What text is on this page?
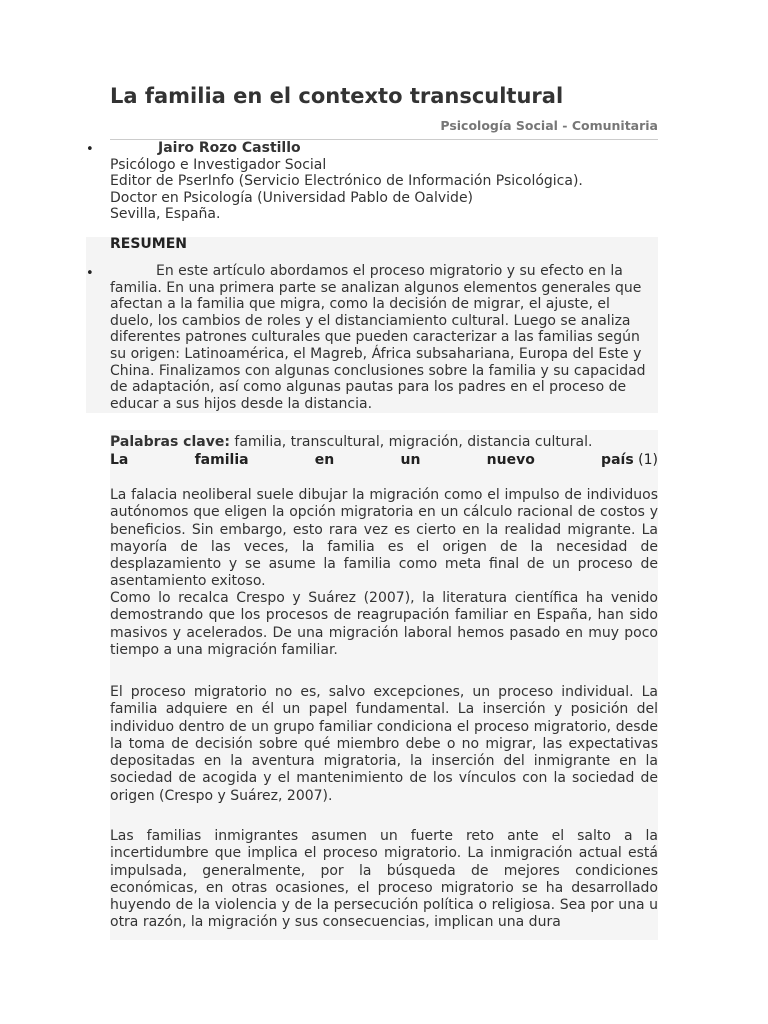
La familia en el contexto transcultural
Psicología Social - Comunitaria
•	Jairo Rozo Castillo
Psicólogo e Investigador Social
Editor de PserInfo (Servicio Electrónico de Información Psicológica).
Doctor en Psicología (Universidad Pablo de Oalvide)
Sevilla, España.
RESUMEN
•	En este artículo abordamos el proceso migratorio y su efecto en la familia. En una primera parte se analizan algunos elementos generales que afectan a la familia que migra, como la decisión de migrar, el ajuste, el duelo, los cambios de roles y el distanciamiento cultural. Luego se analiza diferentes patrones culturales que pueden caracterizar a las familias según su origen: Latinoamérica, el Magreb, África subsahariana, Europa del Este y China. Finalizamos con algunas conclusiones sobre la familia y su capacidad de adaptación, así como algunas pautas para los padres en el proceso de educar a sus hijos desde la distancia.
Palabras clave: familia, transcultural, migración, distancia cultural.
La	familia	en	un	nuevo	país (1)
La falacia neoliberal suele dibujar la migración como el impulso de individuos autónomos que eligen la opción migratoria en un cálculo racional de costos y beneficios. Sin embargo, esto rara vez es cierto en la realidad migrante. La mayoría de las veces, la familia es el origen de la necesidad de desplazamiento y se asume la familia como meta final de un proceso de asentamiento exitoso.
Como lo recalca Crespo y Suárez (2007), la literatura científica ha venido demostrando que los procesos de reagrupación familiar en España, han sido masivos y acelerados. De una migración laboral hemos pasado en muy poco tiempo a una migración familiar.
El proceso migratorio no es, salvo excepciones, un proceso individual. La familia adquiere en él un papel fundamental. La inserción y posición del individuo dentro de un grupo familiar condiciona el proceso migratorio, desde la toma de decisión sobre qué miembro debe o no migrar, las expectativas depositadas en la aventura migratoria, la inserción del inmigrante en la sociedad de acogida y el mantenimiento de los vínculos con la sociedad de origen (Crespo y Suárez, 2007).
Las familias inmigrantes asumen un fuerte reto ante el salto a la incertidumbre que implica el proceso migratorio. La inmigración actual está impulsada, generalmente, por la búsqueda de mejores condiciones económicas, en otras ocasiones, el proceso migratorio se ha desarrollado huyendo de la violencia y de la persecución política o religiosa. Sea por una u otra razón, la migración y sus consecuencias, implican una dura
